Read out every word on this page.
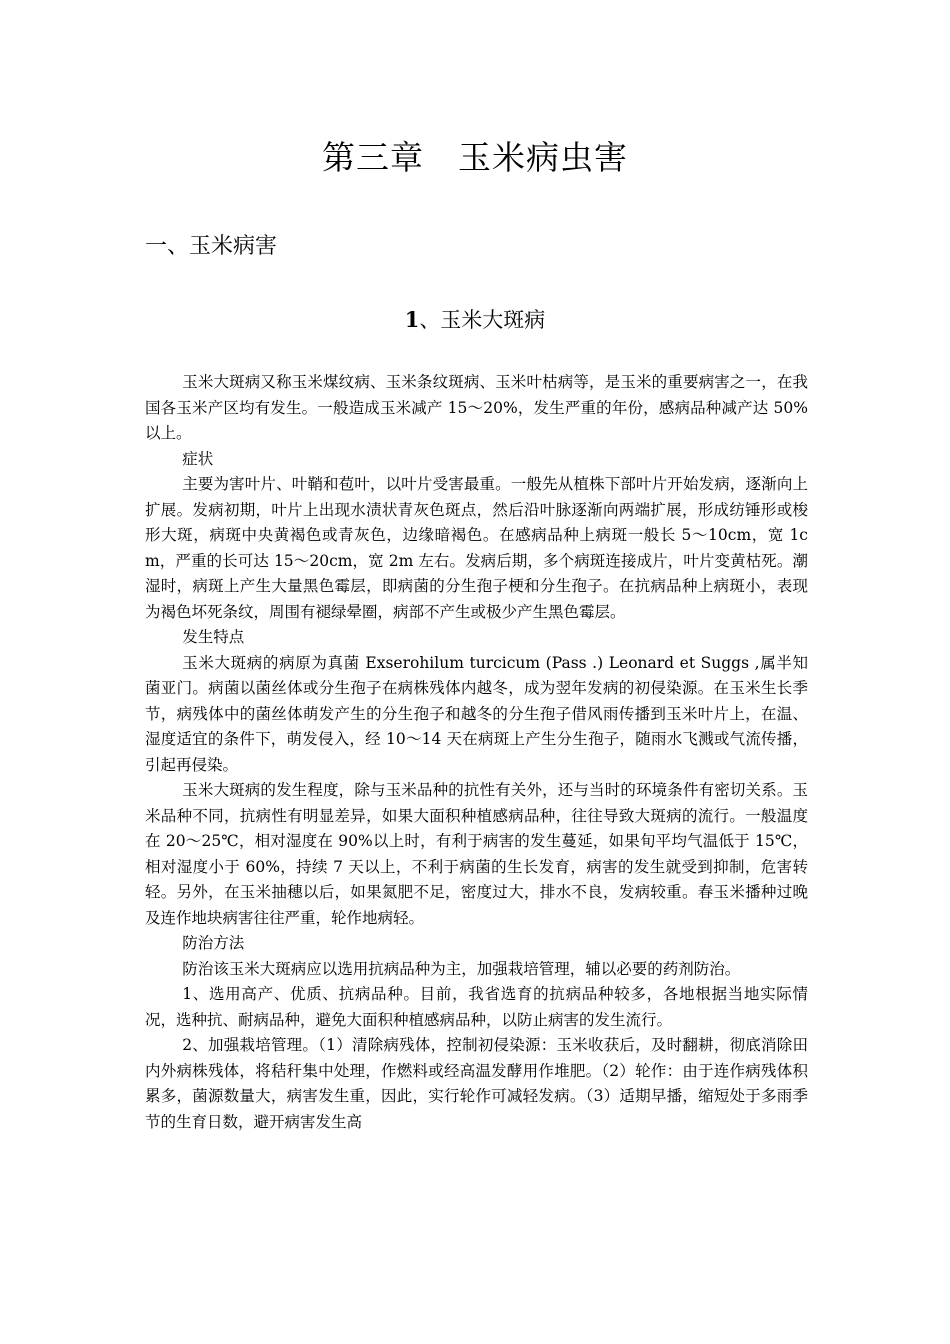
第三章　玉米病虫害
一、玉米病害
1、玉米大斑病

玉米大斑病又称玉米煤纹病、玉米条纹斑病、玉米叶枯病等，是玉米的重要病害之一，在我国各玉米产区均有发生。一般造成玉米减产 15～20%，发生严重的年份，感病品种减产达 50%以上。

症状

主要为害叶片、叶鞘和苞叶，以叶片受害最重。一般先从植株下部叶片开始发病，逐渐向上扩展。发病初期，叶片上出现水渍状青灰色斑点，然后沿叶脉逐渐向两端扩展，形成纺锤形或梭形大斑，病斑中央黄褐色或青灰色，边缘暗褐色。在感病品种上病斑一般长 5～10cm，宽 1cm，严重的长可达 15～20cm，宽 2m 左右。发病后期，多个病斑连接成片，叶片变黄枯死。潮湿时，病斑上产生大量黑色霉层，即病菌的分生孢子梗和分生孢子。在抗病品种上病斑小，表现为褐色坏死条纹，周围有褪绿晕圈，病部不产生或极少产生黑色霉层。

发生特点

玉米大斑病的病原为真菌 Exserohilum turcicum (Pass .) Leonard et Suggs ,属半知菌亚门。病菌以菌丝体或分生孢子在病株残体内越冬，成为翌年发病的初侵染源。在玉米生长季节，病残体中的菌丝体萌发产生的分生孢子和越冬的分生孢子借风雨传播到玉米叶片上，在温、湿度适宜的条件下，萌发侵入，经 10～14 天在病斑上产生分生孢子，随雨水飞溅或气流传播，引起再侵染。

玉米大斑病的发生程度，除与玉米品种的抗性有关外，还与当时的环境条件有密切关系。玉米品种不同，抗病性有明显差异，如果大面积种植感病品种，往往导致大斑病的流行。一般温度在 20～25℃，相对湿度在 90%以上时，有利于病害的发生蔓延，如果旬平均气温低于 15℃，相对湿度小于 60%，持续 7 天以上，不利于病菌的生长发育，病害的发生就受到抑制，危害转轻。另外，在玉米抽穗以后，如果氮肥不足，密度过大，排水不良，发病较重。春玉米播种过晚及连作地块病害往往严重，轮作地病轻。

防治方法

防治该玉米大斑病应以选用抗病品种为主，加强栽培管理，辅以必要的药剂防治。

1、选用高产、优质、抗病品种。目前，我省选育的抗病品种较多，各地根据当地实际情况，选种抗、耐病品种，避免大面积种植感病品种，以防止病害的发生流行。

2、加强栽培管理。（1）清除病残体，控制初侵染源：玉米收获后，及时翻耕，彻底消除田内外病株残体，将秸秆集中处理，作燃料或经高温发酵用作堆肥。（2）轮作：由于连作病残体积累多，菌源数量大，病害发生重，因此，实行轮作可减轻发病。（3）适期早播，缩短处于多雨季节的生育日数，避开病害发生高
